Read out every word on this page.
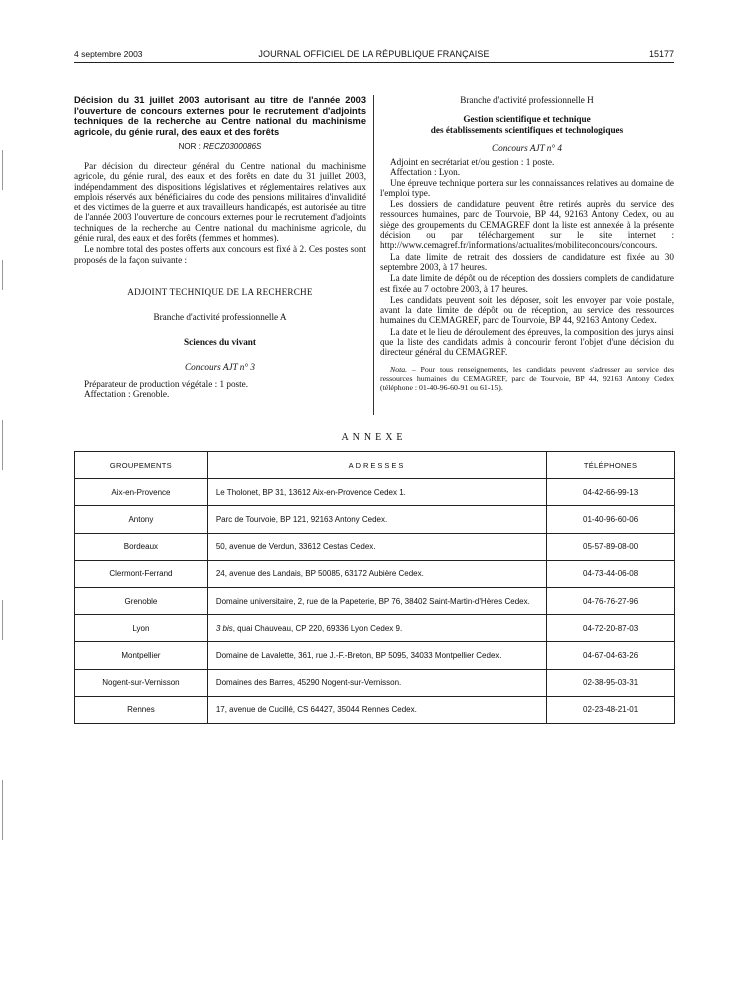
4 septembre 2003	JOURNAL OFFICIEL DE LA RÉPUBLIQUE FRANÇAISE	15177

Décision du 31 juillet 2003 autorisant au titre de l'année 2003 l'ouverture de concours externes pour le recrutement d'adjoints techniques de la recherche au Centre national du machinisme agricole, du génie rural, des eaux et des forêts

NOR : RECZ0300086S

Par décision du directeur général du Centre national du machinisme agricole, du génie rural, des eaux et des forêts en date du 31 juillet 2003, indépendamment des dispositions législatives et réglementaires relatives aux emplois réservés aux bénéficiaires du code des pensions militaires d'invalidité et des victimes de la guerre et aux travailleurs handicapés, est autorisée au titre de l'année 2003 l'ouverture de concours externes pour le recrutement d'adjoints techniques de la recherche au Centre national du machinisme agricole, du génie rural, des eaux et des forêts (femmes et hommes).

Le nombre total des postes offerts aux concours est fixé à 2. Ces postes sont proposés de la façon suivante :

ADJOINT TECHNIQUE DE LA RECHERCHE

Branche d'activité professionnelle A

Sciences du vivant

Concours AJT n° 3

Préparateur de production végétale : 1 poste.

Affectation : Grenoble.

Branche d'activité professionnelle H

Gestion scientifique et technique

des établissements scientifiques et technologiques

Concours AJT n° 4

Adjoint en secrétariat et/ou gestion : 1 poste.

Affectation : Lyon.

Une épreuve technique portera sur les connaissances relatives au domaine de l'emploi type.

Les dossiers de candidature peuvent être retirés auprès du service des ressources humaines, parc de Tourvoie, BP 44, 92163 Antony Cedex, ou au siège des groupements du CEMAGREF dont la liste est annexée à la présente décision ou par téléchargement sur le site internet : http://www.cemagref.fr/informations/actualites/mobiliteconcours/concours.

La date limite de retrait des dossiers de candidature est fixée au 30 septembre 2003, à 17 heures.

La date limite de dépôt ou de réception des dossiers complets de candidature est fixée au 7 octobre 2003, à 17 heures.

Les candidats peuvent soit les déposer, soit les envoyer par voie postale, avant la date limite de dépôt ou de réception, au service des ressources humaines du CEMAGREF, parc de Tourvoie, BP 44, 92163 Antony Cedex.

La date et le lieu de déroulement des épreuves, la composition des jurys ainsi que la liste des candidats admis à concourir feront l'objet d'une décision du directeur général du CEMAGREF.

Nota. – Pour tous renseignements, les candidats peuvent s'adresser au service des ressources humaines du CEMAGREF, parc de Tourvoie, BP 44, 92163 Antony Cedex (téléphone : 01-40-96-60-91 ou 61-15).

ANNEXE
GROUPEMENTS	ADRESSES	TÉLÉPHONES
Aix-en-Provence	Le Tholonet, BP 31, 13612 Aix-en-Provence Cedex 1.	04-42-66-99-13
Antony	Parc de Tourvoie, BP 121, 92163 Antony Cedex.	01-40-96-60-06
Bordeaux	50, avenue de Verdun, 33612 Cestas Cedex.	05-57-89-08-00
Clermont-Ferrand	24, avenue des Landais, BP 50085, 63172 Aubière Cedex.	04-73-44-06-08
Grenoble	Domaine universitaire, 2, rue de la Papeterie, BP 76, 38402 Saint-Martin-d'Hères Cedex.	04-76-76-27-96
Lyon	3 bis, quai Chauveau, CP 220, 69336 Lyon Cedex 9.	04-72-20-87-03
Montpellier	Domaine de Lavalette, 361, rue J.-F.-Breton, BP 5095, 34033 Montpellier Cedex.	04-67-04-63-26
Nogent-sur-Vernisson	Domaines des Barres, 45290 Nogent-sur-Vernisson.	02-38-95-03-31
Rennes	17, avenue de Cucillé, CS 64427, 35044 Rennes Cedex.	02-23-48-21-01
